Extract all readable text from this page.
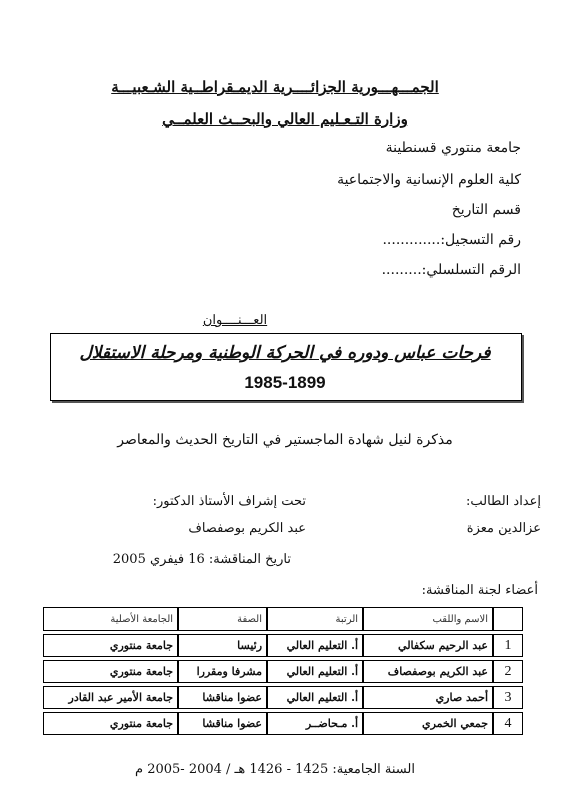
الجمـــهـــورية الجزائــــرية الديمـقراطــية الشـعبيـــة
وزارة التـعـليم العالي والبحــث العلمــي
جامعة منتوري قسنطينة
كلية العلوم الإنسانية والاجتماعية
قسم التاريخ
رقم التسجيل:.............
الرقم التسلسلي:.........
العـــنــــوان
فرحات عباس ودوره في الحركة الوطنية ومرحلة الاستقلال
1985-1899
مذكرة لنيل شهادة الماجستير في التاريخ الحديث والمعاصر
إعداد الطالب:
عزالدين معزة
تحت إشراف الأستاذ الدكتور:
عبد الكريم بوصفصاف
تاريخ المناقشة: 16 فيفري 2005
أعضاء لجنة المناقشة:
	الاسم واللقب	الرتبة	الصفة	الجامعة الأصلية
1	عبد الرحيم سكفالي	أ. التعليم العالي	رئيسا	جامعة منتوري
2	عبد الكريم بوصفصاف	أ. التعليم العالي	مشرفا ومقررا	جامعة منتوري
3	أحمد صاري	أ. التعليم العالي	عضوا مناقشا	جامعة الأمير عبد القادر
4	جمعي الخمري	أ. مـحاضــر	عضوا مناقشا	جامعة منتوري
السنة الجامعية: 1425 - 1426 هـ / 2004 -2005 م
